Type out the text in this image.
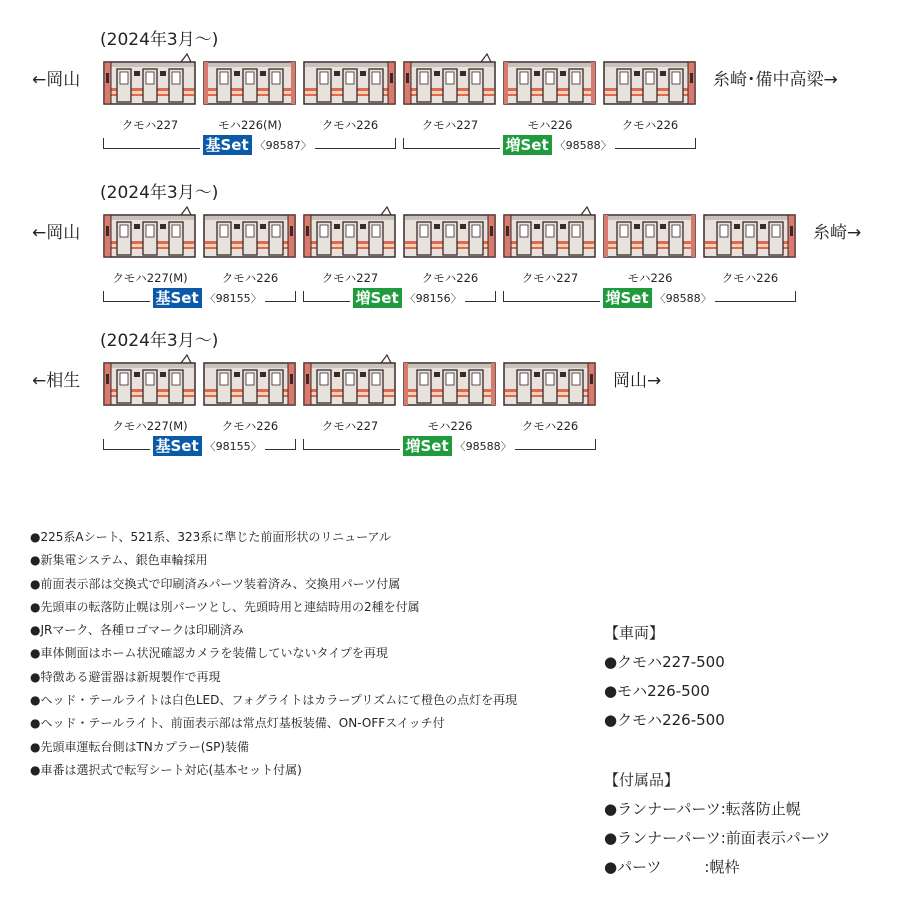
(2024年3月〜)
←岡山	糸崎･備中高梁→
クモハ227	モハ226(M)	クモハ226	クモハ227	モハ226	クモハ226
基Set 〈98587〉	増Set 〈98588〉
(2024年3月〜)
←岡山	糸崎→
クモハ227(M)	クモハ226	クモハ227	クモハ226	クモハ227	モハ226	クモハ226
基Set 〈98155〉	増Set 〈98156〉	増Set 〈98588〉
(2024年3月〜)
←相生	岡山→
クモハ227(M)	クモハ226	クモハ227	モハ226	クモハ226
基Set 〈98155〉	増Set 〈98588〉
●225系Aシート、521系、323系に準じた前面形状のリニューアル
●新集電システム、銀色車輪採用
●前面表示部は交換式で印刷済みパーツ装着済み、交換用パーツ付属
●先頭車の転落防止幌は別パーツとし、先頭時用と連結時用の2種を付属
●JRマーク、各種ロゴマークは印刷済み
●車体側面はホーム状況確認カメラを装備していないタイプを再現
●特徴ある避雷器は新規製作で再現
●ヘッド・テールライトは白色LED、フォグライトはカラープリズムにて橙色の点灯を再現
●ヘッド・テールライト、前面表示部は常点灯基板装備、ON-OFFスイッチ付
●先頭車運転台側はTNカプラー(SP)装備
●車番は選択式で転写シート対応(基本セット付属)
【車両】
●クモハ227-500
●モハ226-500
●クモハ226-500
【付属品】
●ランナーパーツ:転落防止幌
●ランナーパーツ:前面表示パーツ
●パーツ         :幌枠
